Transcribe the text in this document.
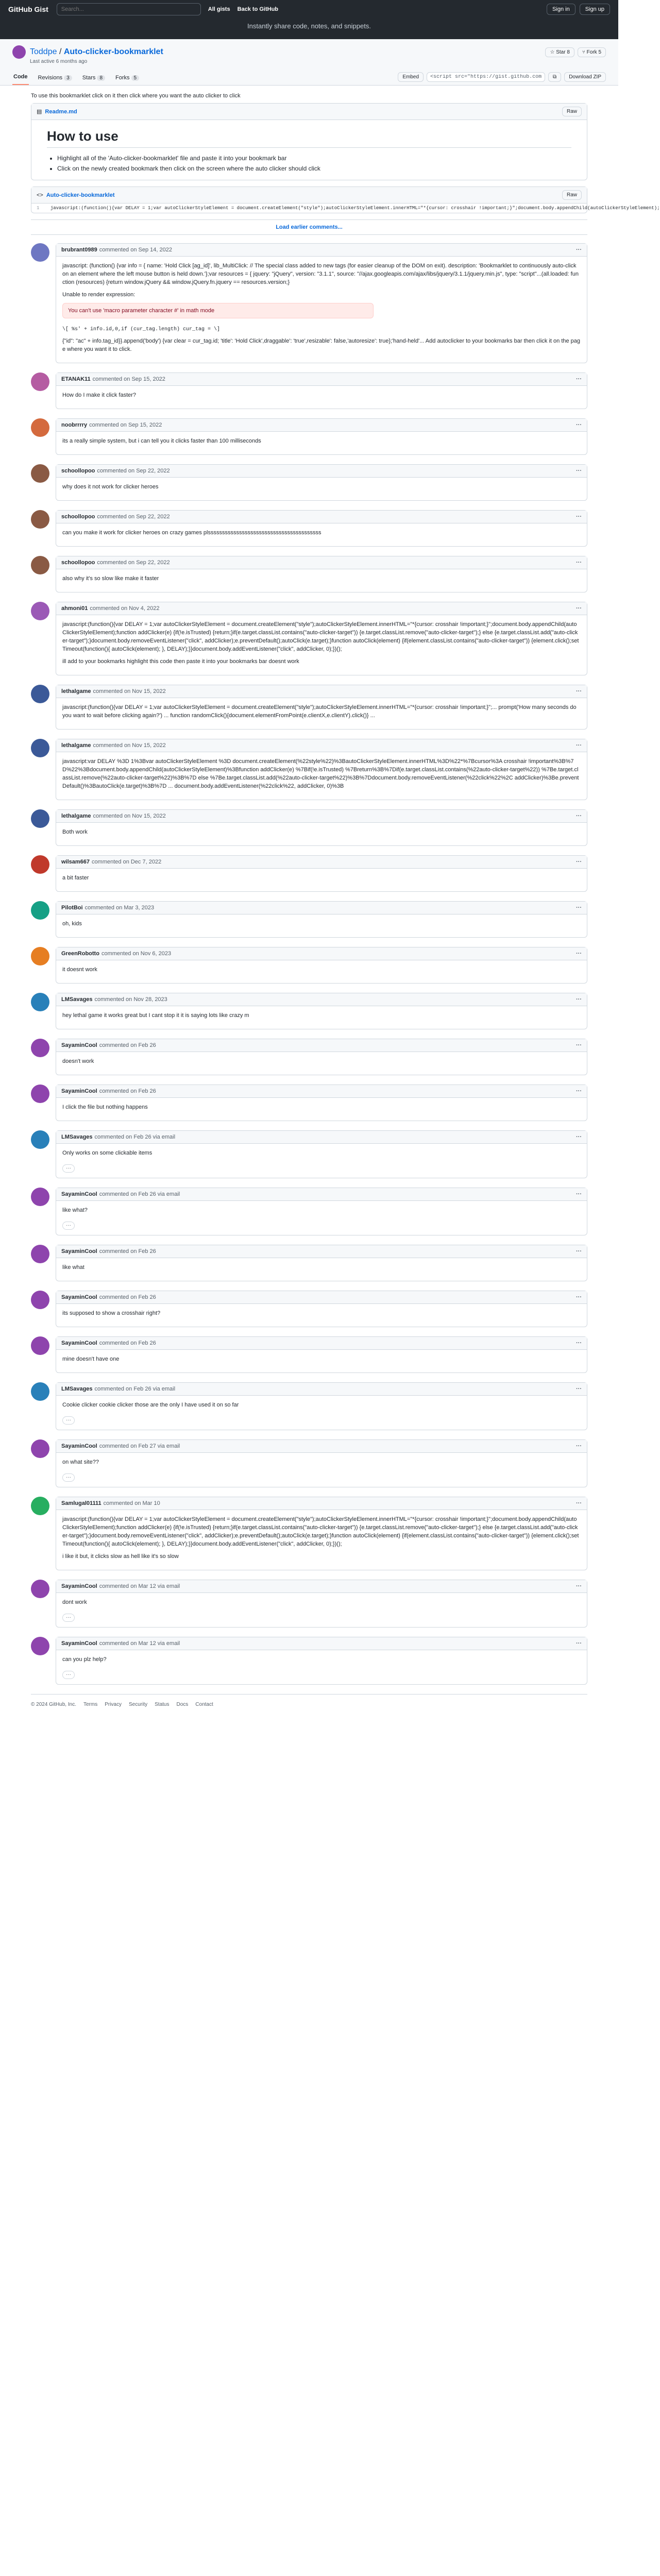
GitHub Gist
Search...	All gists Back to GitHub	Sign in	Sign up
Instantly share code, notes, and snippets.
Toddpe / Auto-clicker-bookmarklet	☆ Star 8	⑂ Fork 5
Last active 6 months ago
Code Revisions 3	Stars 8	Forks 5	Embed
<script src="https://gist.github.com/Toddpe.js	⧉	Download ZIP
To use this bookmarklet click on it then click where you want the auto clicker to click
▤ Readme.md	Raw
How to use
• Highlight all of the 'Auto-clicker-bookmarklet' file and paste it into your bookmark bar
• Click on the newly created bookmark then click on the screen where the auto clicker should click
<> Auto-clicker-bookmarklet	Raw
1 javascript:(function(){var DELAY = 1;var autoClickerStyleElement = document.createElement("style");autoClickerStyleElement.innerHTML="*{cursor: crosshair !important;}";document.body.appendChild(autoClickerStyleElement);
Load earlier comments...
brubrant0989 commented on Sep 14, 2022	···
javascript: (function() {var info = { name: 'Hold Click [ag_id]', lib_MultiClick: // The special class added to new tags (for easier cleanup of the DOM on exit). description: 'Bookmarklet to continuously auto-click on an element where the left mouse button is held down.'};var resources = { jquery: "jQuery", version: "3.1.1", source: "//ajax.googleapis.com/ajax/libs/jquery/3.1.1/jquery.min.js", type: "script"...(all.loaded: function (resources) {return window.jQuery && window.jQuery.fn.jquery == resources.version;}
Unable to render expression:
You can't use 'macro parameter character #' in math mode
\[ %s' + info.id,0,if (cur_tag.length) cur_tag = \]
{"id": "ac" + info.tag_id}}.append('body') {var clear = cur_tag.id; 'title': 'Hold Click',draggable': 'true',resizable': false,'autoresize': true};'hand-held'... Add autoclicker to your bookmarks bar then click it on the page where you want it to click.
ETANAK11 commented on Sep 15, 2022	···
How do I make it click faster?
noobrrrry commented on Sep 15, 2022	···
its a really simple system, but i can tell you it clicks faster than 100 milliseconds
schoollopoo commented on Sep 22, 2022	···
why does it not work for clicker heroes
schoollopoo commented on Sep 22, 2022	···
can you make it work for clicker heroes on crazy games plssssssssssssssssssssssssssssssssssssssss
schoollopoo commented on Sep 22, 2022	···
also why it's so slow like make it faster
ahmoni01 commented on Nov 4, 2022	···
javascript:(function(){var DELAY = 1;var autoClickerStyleElement = document.createElement("style");autoClickerStyleElement.innerHTML="*{cursor: crosshair !important;}";document.body.appendChild(autoClickerStyleElement);function addClicker(e) {if(!e.isTrusted) {return;}if(e.target.classList.contains("auto-clicker-target")) {e.target.classList.remove("auto-clicker-target");} else {e.target.classList.add("auto-clicker-target");}document.body.removeEventListener("click", addClicker);e.preventDefault();autoClick(e.target);}function autoClick(element) {if(element.classList.contains("auto-clicker-target")) {element.click();setTimeout(function(){ autoClick(element); }, DELAY);}}document.body.addEventListener("click", addClicker, 0);})();
ill add to your bookmarks highlight this code then paste it into your bookmarks bar doesnt work
lethalgame commented on Nov 15, 2022	···
javascript:(function(){var DELAY = 1;var autoClickerStyleElement = document.createElement("style");autoClickerStyleElement.innerHTML="*{cursor: crosshair !important;}";... prompt('How many seconds do you want to wait before clicking again?') ... function randomClick(){document.elementFromPoint(e.clientX,e.clientY).click()} ...
lethalgame commented on Nov 15, 2022	···
javascript:var DELAY %3D 1%3Bvar autoClickerStyleElement %3D document.createElement(%22style%22)%3BautoClickerStyleElement.innerHTML%3D%22*%7Bcursor%3A crosshair !important%3B%7D%22%3Bdocument.body.appendChild(autoClickerStyleElement)%3Bfunction addClicker(e) %7Bif(!e.isTrusted) %7Breturn%3B%7Dif(e.target.classList.contains(%22auto-clicker-target%22)) %7Be.target.classList.remove(%22auto-clicker-target%22)%3B%7D else %7Be.target.classList.add(%22auto-clicker-target%22)%3B%7Ddocument.body.removeEventListener(%22click%22%2C addClicker)%3Be.preventDefault()%3BautoClick(e.target)%3B%7D ... document.body.addEventListener(%22click%22, addClicker, 0)%3B
lethalgame commented on Nov 15, 2022	···
Both work
wilsam667 commented on Dec 7, 2022	···
a bit faster
PilotBoi commented on Mar 3, 2023	···
oh, kids
GreenRobotto commented on Nov 6, 2023	···
it doesnt work
LMSavages commented on Nov 28, 2023	···
hey lethal game it works great but I cant stop it it is saying lots like crazy m
SayaminCool commented on Feb 26	···
doesn't work
SayaminCool commented on Feb 26	···
I click the file but nothing happens
LMSavages commented on Feb 26 via email	···
Only works on some clickable items
···
SayaminCool commented on Feb 26 via email	···
like what?
···
SayaminCool commented on Feb 26	···
like what
SayaminCool commented on Feb 26	···
its supposed to show a crosshair right?
SayaminCool commented on Feb 26	···
mine doesn't have one
LMSavages commented on Feb 26 via email	···
Cookie clicker cookie clicker those are the only I have used it on so far
···
SayaminCool commented on Feb 27 via email	···
on what site??
···
Samlugal01111 commented on Mar 10	···
javascript:(function(){var DELAY = 1;var autoClickerStyleElement = document.createElement("style");autoClickerStyleElement.innerHTML="*{cursor: crosshair !important;}";document.body.appendChild(autoClickerStyleElement);function addClicker(e) {if(!e.isTrusted) {return;}if(e.target.classList.contains("auto-clicker-target")) {e.target.classList.remove("auto-clicker-target");} else {e.target.classList.add("auto-clicker-target");}document.body.removeEventListener("click", addClicker);e.preventDefault();autoClick(e.target);}function autoClick(element) {if(element.classList.contains("auto-clicker-target")) {element.click();setTimeout(function(){ autoClick(element); }, DELAY);}}document.body.addEventListener("click", addClicker, 0);})();
i like it but, it clicks slow as hell like it's so slow
SayaminCool commented on Mar 12 via email	···
dont work
···
SayaminCool commented on Mar 12 via email	···
can you plz help?
···
© 2024 GitHub, Inc. Terms Privacy Security Status Docs Contact
